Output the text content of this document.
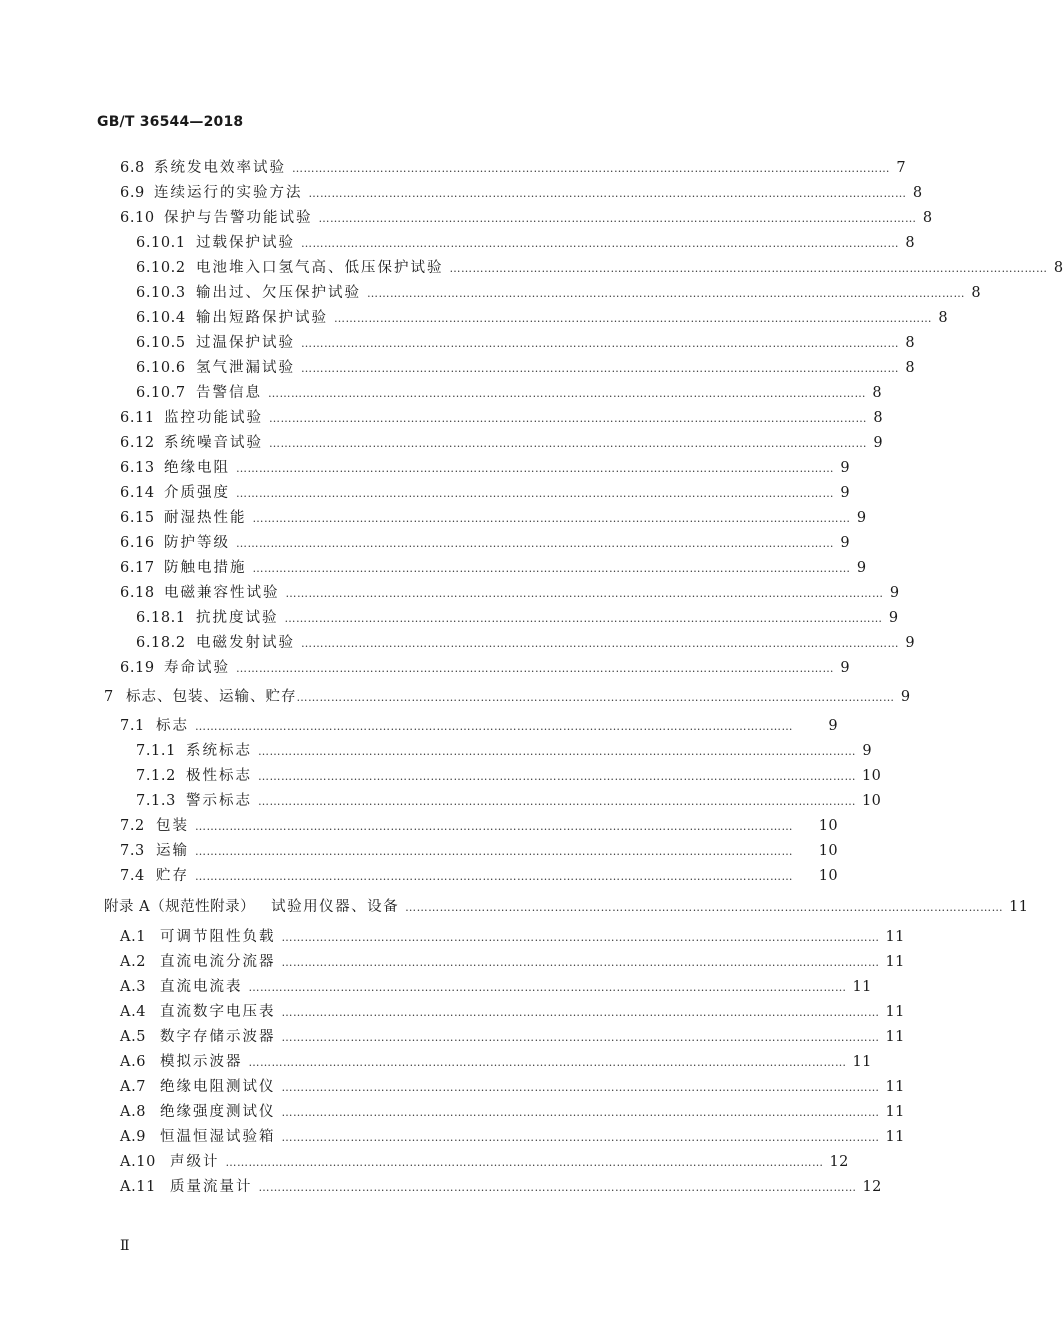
GB/T 36544—2018
6.8 系统发电效率试验 ………………………………………………………………………………………………………………………………………… 7
6.9 连续运行的实验方法 ………………………………………………………………………………………………………………………………………… 8
6.10 保护与告警功能试验 ………………………………………………………………………………………………………………………………………… 8
6.10.1 过载保护试验 ………………………………………………………………………………………………………………………………………… 8
6.10.2 电池堆入口氢气高、低压保护试验 ………………………………………………………………………………………………………………………………………… 8
6.10.3 输出过、欠压保护试验 ………………………………………………………………………………………………………………………………………… 8
6.10.4 输出短路保护试验 ………………………………………………………………………………………………………………………………………… 8
6.10.5 过温保护试验 ………………………………………………………………………………………………………………………………………… 8
6.10.6 氢气泄漏试验 ………………………………………………………………………………………………………………………………………… 8
6.10.7 告警信息 ………………………………………………………………………………………………………………………………………… 8
6.11 监控功能试验 ………………………………………………………………………………………………………………………………………… 8
6.12 系统噪音试验 ………………………………………………………………………………………………………………………………………… 9
6.13 绝缘电阻 ………………………………………………………………………………………………………………………………………… 9
6.14 介质强度 ………………………………………………………………………………………………………………………………………… 9
6.15 耐湿热性能 ………………………………………………………………………………………………………………………………………… 9
6.16 防护等级 ………………………………………………………………………………………………………………………………………… 9
6.17 防触电措施 ………………………………………………………………………………………………………………………………………… 9
6.18 电磁兼容性试验 ………………………………………………………………………………………………………………………………………… 9
6.18.1 抗扰度试验 ………………………………………………………………………………………………………………………………………… 9
6.18.2 电磁发射试验 ………………………………………………………………………………………………………………………………………… 9
6.19 寿命试验 ………………………………………………………………………………………………………………………………………… 9
7 标志、包装、运输、贮存 ………………………………………………………………………………………………………………………………………… 9
7.1 标志 …………………………………………………………………………………………………………………………………………	9
7.1.1 系统标志 ………………………………………………………………………………………………………………………………………… 9
7.1.2 极性标志 ………………………………………………………………………………………………………………………………………… 10
7.1.3 警示标志 ………………………………………………………………………………………………………………………………………… 10
7.2 包装 …………………………………………………………………………………………………………………………………………	10
7.3 运输 …………………………………………………………………………………………………………………………………………	10
7.4 贮存 …………………………………………………………………………………………………………………………………………	10
附录 A（规范性附录） 试验用仪器、设备 ………………………………………………………………………………………………………………………………………… 11
A.1 可调节阻性负载 ………………………………………………………………………………………………………………………………………… 11
A.2 直流电流分流器 ………………………………………………………………………………………………………………………………………… 11
A.3 直流电流表 ………………………………………………………………………………………………………………………………………… 11
A.4 直流数字电压表 ………………………………………………………………………………………………………………………………………… 11
A.5 数字存储示波器 ………………………………………………………………………………………………………………………………………… 11
A.6 模拟示波器 ………………………………………………………………………………………………………………………………………… 11
A.7 绝缘电阻测试仪 ………………………………………………………………………………………………………………………………………… 11
A.8 绝缘强度测试仪 ………………………………………………………………………………………………………………………………………… 11
A.9 恒温恒湿试验箱 ………………………………………………………………………………………………………………………………………… 11
A.10 声级计 ………………………………………………………………………………………………………………………………………… 12
A.11 质量流量计 ………………………………………………………………………………………………………………………………………… 12
Ⅱ
